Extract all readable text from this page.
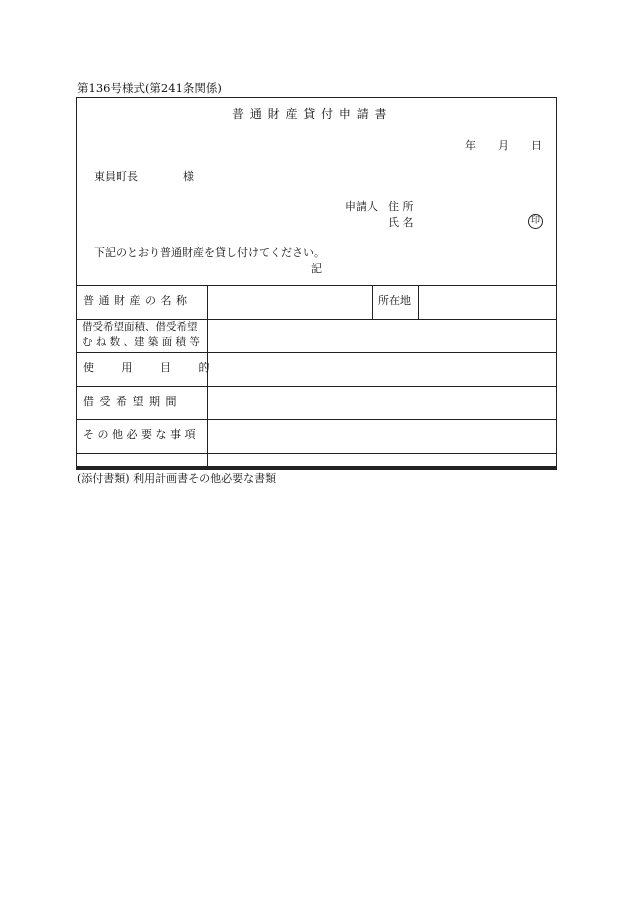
第136号様式(第241条関係)
普 通 財 産 貸 付 申 請 書
年 月 日
東員町長	様
申請人 住 所
氏 名	印
下記のとおり普通財産を貸し付けてください。
記
普 通 財 産 の 名 称	所在地
借受希望面積、借受希望
む ね 数 、建 築 面 積 等
使 用 目 的
借 受 希 望 期 間
そ の 他 必 要 な 事 項
(添付書類) 利用計画書その他必要な書類
